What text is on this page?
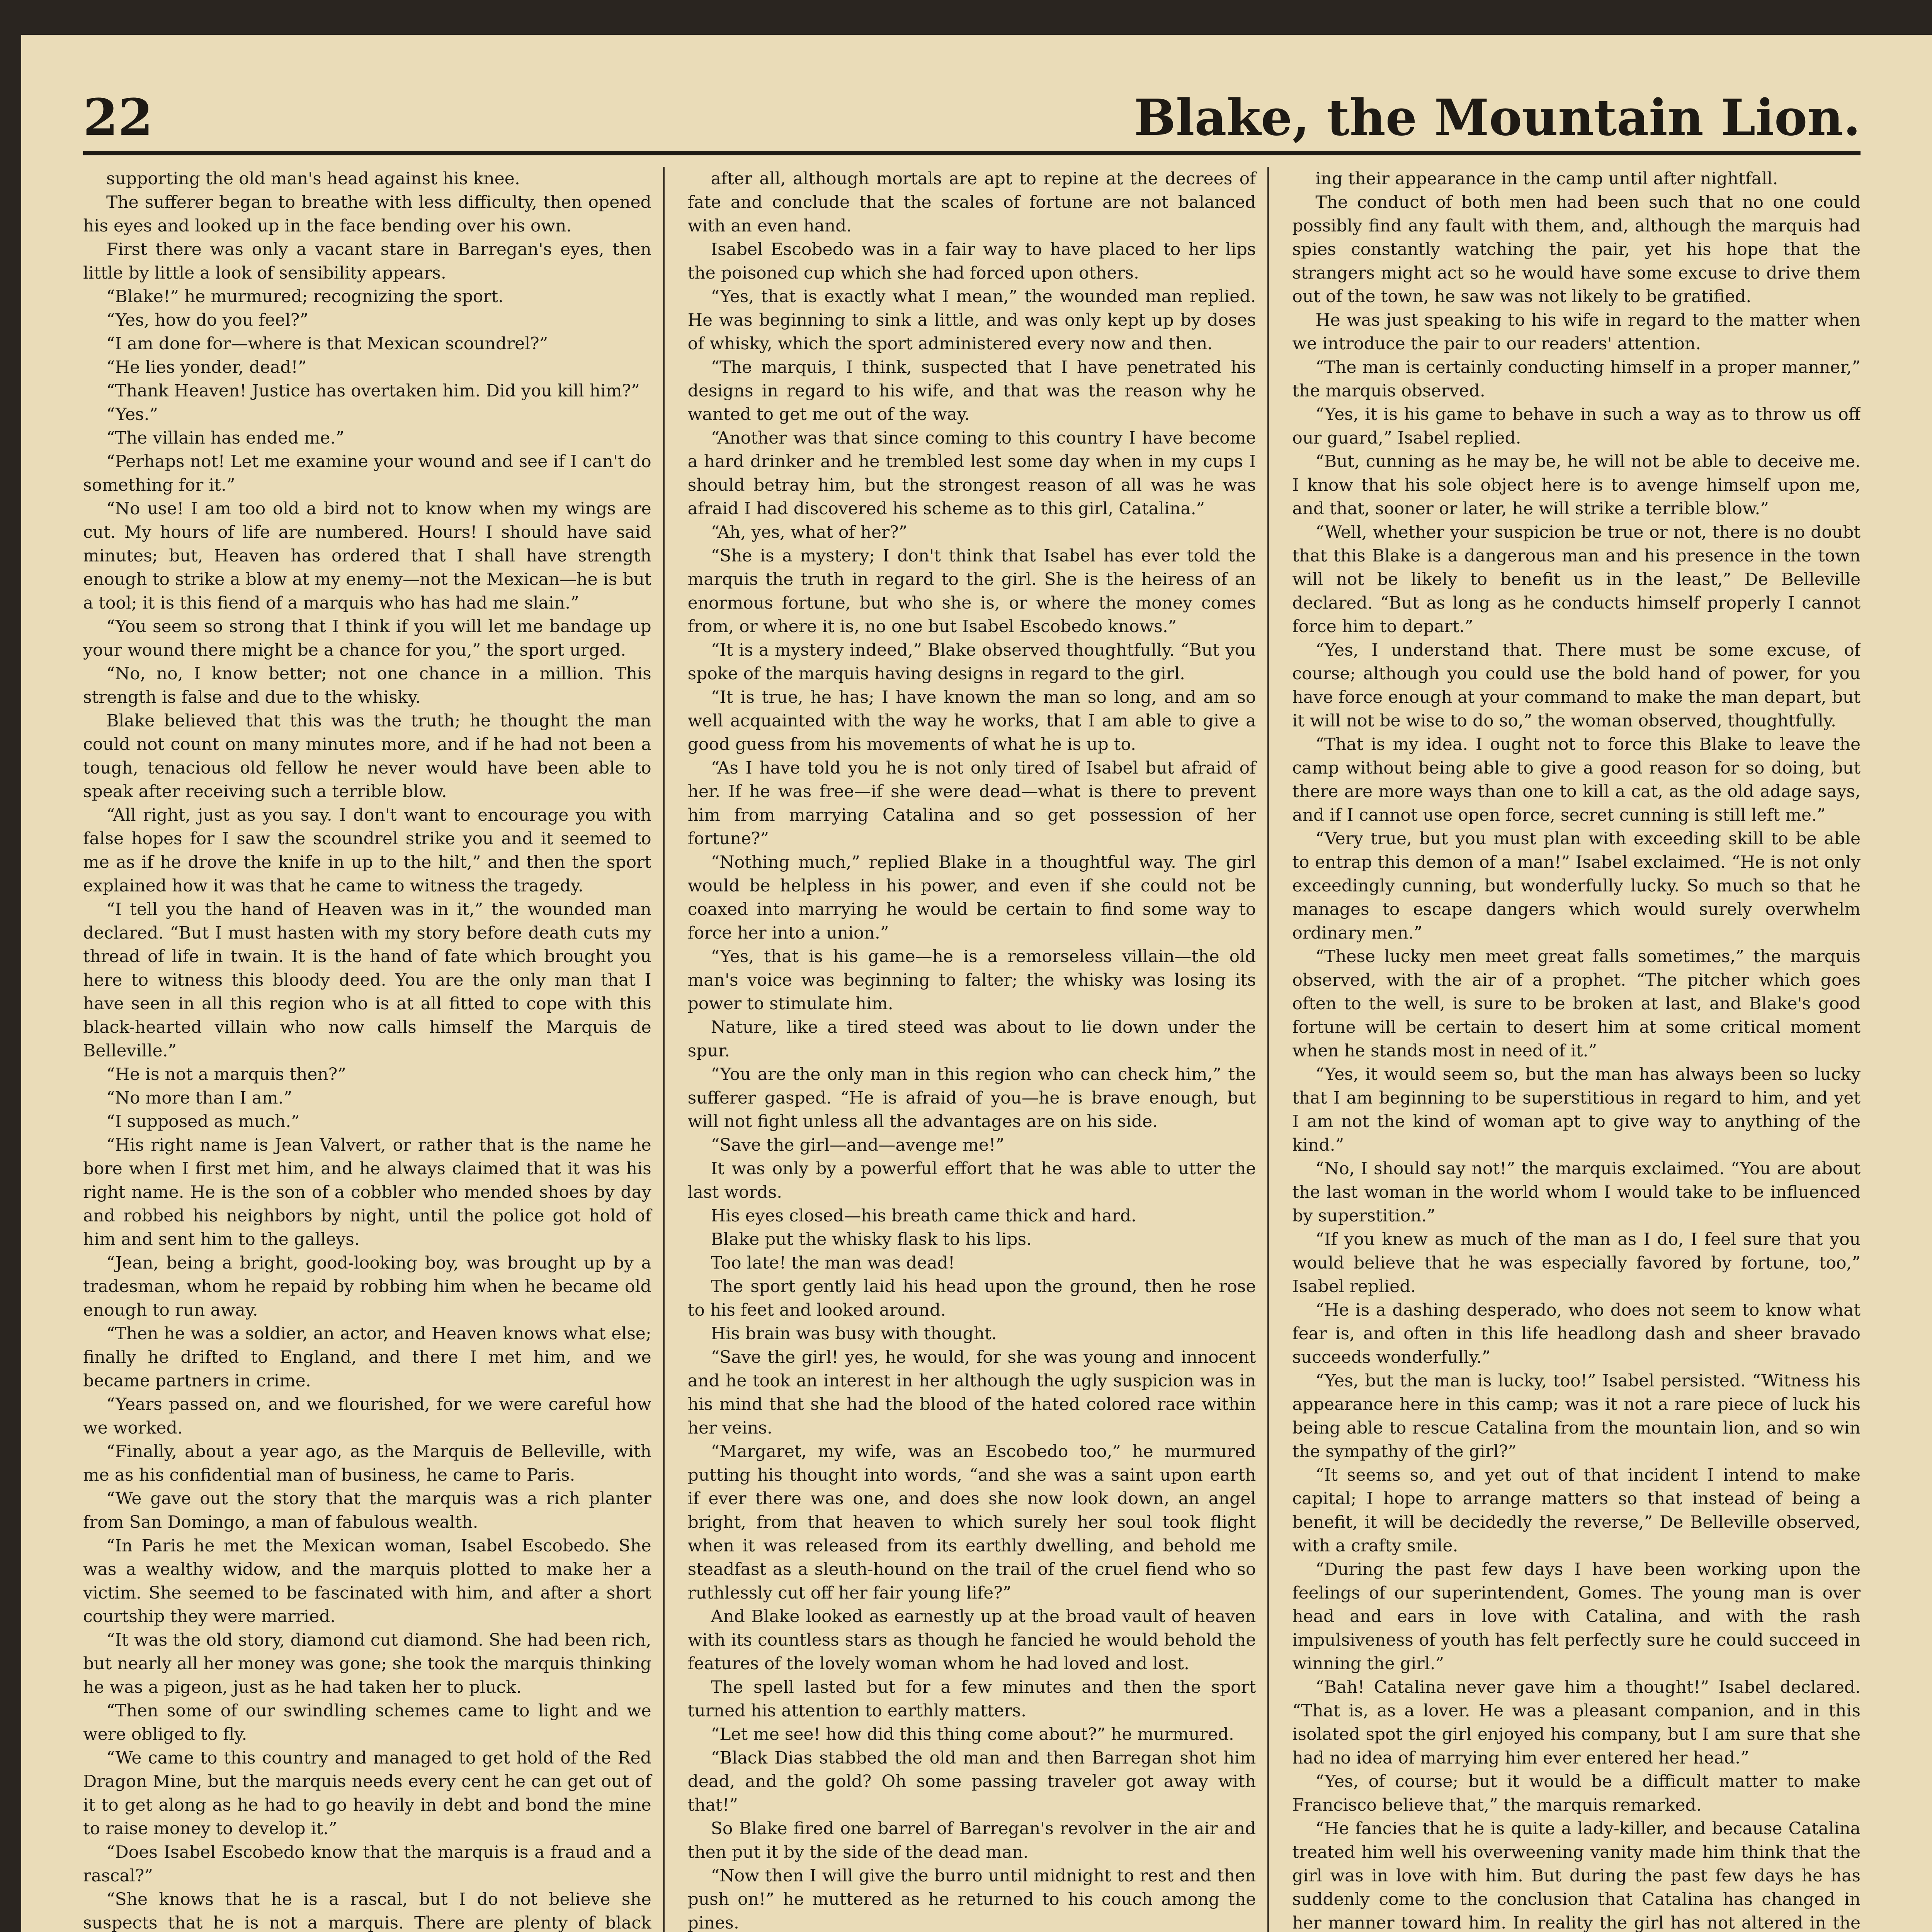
22	Blake, the Mountain Lion.

supporting the old man's head against his knee.

The sufferer began to breathe with less difficulty, then opened his eyes and looked up in the face bending over his own.

First there was only a vacant stare in Barregan's eyes, then little by little a look of sensibility appears.

“Blake!” he murmured; recognizing the sport.

“Yes, how do you feel?”

“I am done for—where is that Mexican scoundrel?”

“He lies yonder, dead!”

“Thank Heaven! Justice has overtaken him. Did you kill him?”

“Yes.”

“The villain has ended me.”

“Perhaps not! Let me examine your wound and see if I can't do something for it.”

“No use! I am too old a bird not to know when my wings are cut. My hours of life are numbered. Hours! I should have said minutes; but, Heaven has ordered that I shall have strength enough to strike a blow at my enemy—not the Mexican—he is but a tool; it is this fiend of a marquis who has had me slain.”

“You seem so strong that I think if you will let me bandage up your wound there might be a chance for you,” the sport urged.

“No, no, I know better; not one chance in a million. This strength is false and due to the whisky.

Blake believed that this was the truth; he thought the man could not count on many minutes more, and if he had not been a tough, tenacious old fellow he never would have been able to speak after receiving such a terrible blow.

“All right, just as you say. I don't want to encourage you with false hopes for I saw the scoundrel strike you and it seemed to me as if he drove the knife in up to the hilt,” and then the sport explained how it was that he came to witness the tragedy.

“I tell you the hand of Heaven was in it,” the wounded man declared. “But I must hasten with my story before death cuts my thread of life in twain. It is the hand of fate which brought you here to witness this bloody deed. You are the only man that I have seen in all this region who is at all fitted to cope with this black-hearted villain who now calls himself the Marquis de Belleville.”

“He is not a marquis then?”

“No more than I am.”

“I supposed as much.”

“His right name is Jean Valvert, or rather that is the name he bore when I first met him, and he always claimed that it was his right name. He is the son of a cobbler who mended shoes by day and robbed his neighbors by night, until the police got hold of him and sent him to the galleys.

“Jean, being a bright, good-looking boy, was brought up by a tradesman, whom he repaid by robbing him when he became old enough to run away.

“Then he was a soldier, an actor, and Heaven knows what else; finally he drifted to England, and there I met him, and we became partners in crime.

“Years passed on, and we flourished, for we were careful how we worked.

“Finally, about a year ago, as the Marquis de Belleville, with me as his confidential man of business, he came to Paris.

“We gave out the story that the marquis was a rich planter from San Domingo, a man of fabulous wealth.

“In Paris he met the Mexican woman, Isabel Escobedo. She was a wealthy widow, and the marquis plotted to make her a victim. She seemed to be fascinated with him, and after a short courtship they were married.

“It was the old story, diamond cut diamond. She had been rich, but nearly all her money was gone; she took the marquis thinking he was a pigeon, just as he had taken her to pluck.

“Then some of our swindling schemes came to light and we were obliged to fly.

“We came to this country and managed to get hold of the Red Dragon Mine, but the marquis needs every cent he can get out of it to get along as he had to go heavily in debt and bond the mine to raise money to develop it.”

“Does Isabel Escobedo know that the marquis is a fraud and a rascal?”

“She knows that he is a rascal, but I do not believe she suspects that he is not a marquis. There are plenty of black

after all, although mortals are apt to repine at the decrees of fate and conclude that the scales of fortune are not balanced with an even hand.

Isabel Escobedo was in a fair way to have placed to her lips the poisoned cup which she had forced upon others.

“Yes, that is exactly what I mean,” the wounded man replied. He was beginning to sink a little, and was only kept up by doses of whisky, which the sport administered every now and then.

“The marquis, I think, suspected that I have penetrated his designs in regard to his wife, and that was the reason why he wanted to get me out of the way.

“Another was that since coming to this country I have become a hard drinker and he trembled lest some day when in my cups I should betray him, but the strongest reason of all was he was afraid I had discovered his scheme as to this girl, Catalina.”

“Ah, yes, what of her?”

“She is a mystery; I don't think that Isabel has ever told the marquis the truth in regard to the girl. She is the heiress of an enormous fortune, but who she is, or where the money comes from, or where it is, no one but Isabel Escobedo knows.”

“It is a mystery indeed,” Blake observed thoughtfully. “But you spoke of the marquis having designs in regard to the girl.

“It is true, he has; I have known the man so long, and am so well acquainted with the way he works, that I am able to give a good guess from his movements of what he is up to.

“As I have told you he is not only tired of Isabel but afraid of her. If he was free—if she were dead—what is there to prevent him from marrying Catalina and so get possession of her fortune?”

“Nothing much,” replied Blake in a thoughtful way. The girl would be helpless in his power, and even if she could not be coaxed into marrying he would be certain to find some way to force her into a union.”

“Yes, that is his game—he is a remorseless villain—the old man's voice was beginning to falter; the whisky was losing its power to stimulate him.

Nature, like a tired steed was about to lie down under the spur.

“You are the only man in this region who can check him,” the sufferer gasped. “He is afraid of you—he is brave enough, but will not fight unless all the advantages are on his side.

“Save the girl—and—avenge me!”

It was only by a powerful effort that he was able to utter the last words.

His eyes closed—his breath came thick and hard.

Blake put the whisky flask to his lips.

Too late! the man was dead!

The sport gently laid his head upon the ground, then he rose to his feet and looked around.

His brain was busy with thought.

“Save the girl! yes, he would, for she was young and innocent and he took an interest in her although the ugly suspicion was in his mind that she had the blood of the hated colored race within her veins.

“Margaret, my wife, was an Escobedo too,” he murmured putting his thought into words, “and she was a saint upon earth if ever there was one, and does she now look down, an angel bright, from that heaven to which surely her soul took flight when it was released from its earthly dwelling, and behold me steadfast as a sleuth-hound on the trail of the cruel fiend who so ruthlessly cut off her fair young life?”

And Blake looked as earnestly up at the broad vault of heaven with its countless stars as though he fancied he would behold the features of the lovely woman whom he had loved and lost.

The spell lasted but for a few minutes and then the sport turned his attention to earthly matters.

“Let me see! how did this thing come about?” he murmured.

“Black Dias stabbed the old man and then Barregan shot him dead, and the gold? Oh some passing traveler got away with that!”

So Blake fired one barrel of Barregan's revolver in the air and then put it by the side of the dead man.

“Now then I will give the burro until midnight to rest and then push on!” he muttered as he returned to his couch among the pines.

ing their appearance in the camp until after nightfall.

The conduct of both men had been such that no one could possibly find any fault with them, and, although the marquis had spies constantly watching the pair, yet his hope that the strangers might act so he would have some excuse to drive them out of the town, he saw was not likely to be gratified.

He was just speaking to his wife in regard to the matter when we introduce the pair to our readers' attention.

“The man is certainly conducting himself in a proper manner,” the marquis observed.

“Yes, it is his game to behave in such a way as to throw us off our guard,” Isabel replied.

“But, cunning as he may be, he will not be able to deceive me. I know that his sole object here is to avenge himself upon me, and that, sooner or later, he will strike a terrible blow.”

“Well, whether your suspicion be true or not, there is no doubt that this Blake is a dangerous man and his presence in the town will not be likely to benefit us in the least,” De Belleville declared. “But as long as he conducts himself properly I cannot force him to depart.”

“Yes, I understand that. There must be some excuse, of course; although you could use the bold hand of power, for you have force enough at your command to make the man depart, but it will not be wise to do so,” the woman observed, thoughtfully.

“That is my idea. I ought not to force this Blake to leave the camp without being able to give a good reason for so doing, but there are more ways than one to kill a cat, as the old adage says, and if I cannot use open force, secret cunning is still left me.”

“Very true, but you must plan with exceeding skill to be able to entrap this demon of a man!” Isabel exclaimed. “He is not only exceedingly cunning, but wonderfully lucky. So much so that he manages to escape dangers which would surely overwhelm ordinary men.”

“These lucky men meet great falls sometimes,” the marquis observed, with the air of a prophet. “The pitcher which goes often to the well, is sure to be broken at last, and Blake's good fortune will be certain to desert him at some critical moment when he stands most in need of it.”

“Yes, it would seem so, but the man has always been so lucky that I am beginning to be superstitious in regard to him, and yet I am not the kind of woman apt to give way to anything of the kind.”

“No, I should say not!” the marquis exclaimed. “You are about the last woman in the world whom I would take to be influenced by superstition.”

“If you knew as much of the man as I do, I feel sure that you would believe that he was especially favored by fortune, too,” Isabel replied.

“He is a dashing desperado, who does not seem to know what fear is, and often in this life headlong dash and sheer bravado succeeds wonderfully.”

“Yes, but the man is lucky, too!” Isabel persisted. “Witness his appearance here in this camp; was it not a rare piece of luck his being able to rescue Catalina from the mountain lion, and so win the sympathy of the girl?”

“It seems so, and yet out of that incident I intend to make capital; I hope to arrange matters so that instead of being a benefit, it will be decidedly the reverse,” De Belleville observed, with a crafty smile.

“During the past few days I have been working upon the feelings of our superintendent, Gomes. The young man is over head and ears in love with Catalina, and with the rash impulsiveness of youth has felt perfectly sure he could succeed in winning the girl.”

“Bah! Catalina never gave him a thought!” Isabel declared. “That is, as a lover. He was a pleasant companion, and in this isolated spot the girl enjoyed his company, but I am sure that she had no idea of marrying him ever entered her head.”

“Yes, of course; but it would be a difficult matter to make Francisco believe that,” the marquis remarked.

“He fancies that he is quite a lady-killer, and because Catalina treated him well his overweening vanity made him think that the girl was in love with him. But during the past few days he has suddenly come to the conclusion that Catalina has changed in her manner toward him. In reality the girl has not altered in the
